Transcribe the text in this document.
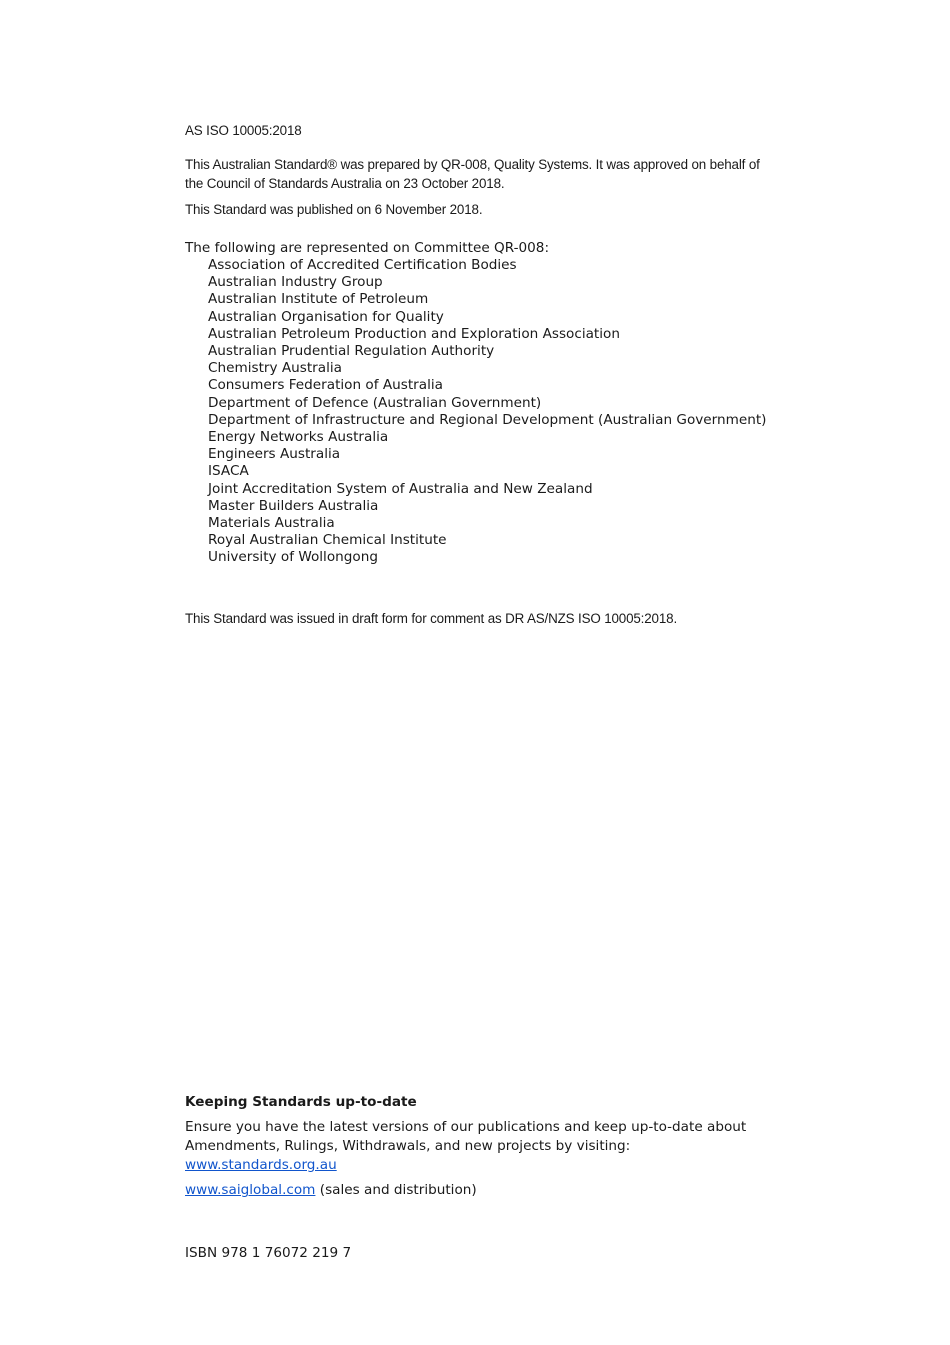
AS ISO 10005:2018

This Australian Standard® was prepared by QR-008, Quality Systems. It was approved on behalf of the Council of Standards Australia on 23 October 2018.

This Standard was published on 6 November 2018.

The following are represented on Committee QR-008:

Association of Accredited Certification Bodies
Australian Industry Group
Australian Institute of Petroleum
Australian Organisation for Quality
Australian Petroleum Production and Exploration Association
Australian Prudential Regulation Authority
Chemistry Australia
Consumers Federation of Australia
Department of Defence (Australian Government)
Department of Infrastructure and Regional Development (Australian Government)
Energy Networks Australia
Engineers Australia
ISACA
Joint Accreditation System of Australia and New Zealand
Master Builders Australia
Materials Australia
Royal Australian Chemical Institute
University of Wollongong

This Standard was issued in draft form for comment as DR AS/NZS ISO 10005:2018.

Keeping Standards up-to-date

Ensure you have the latest versions of our publications and keep up-to-date about Amendments, Rulings, Withdrawals, and new projects by visiting:
www.standards.org.au

www.saiglobal.com (sales and distribution)

ISBN 978 1 76072 219 7
